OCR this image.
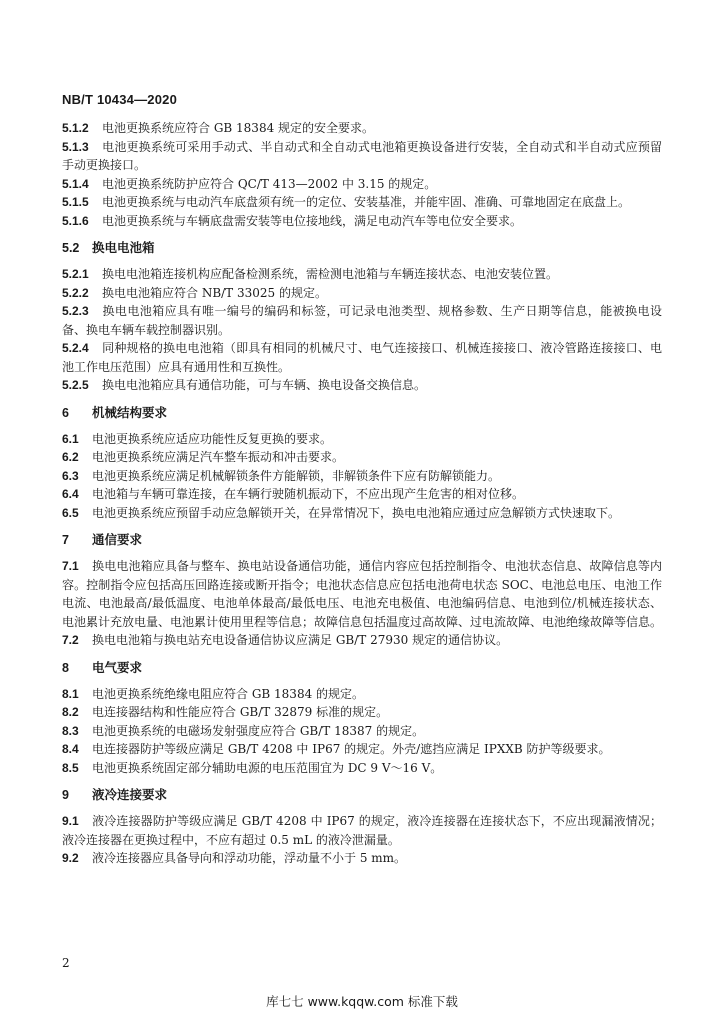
NB/T 10434—2020

5.1.2 电池更换系统应符合 GB 18384 规定的安全要求。

5.1.3 电池更换系统可采用手动式、半自动式和全自动式电池箱更换设备进行安装，全自动式和半自动式应预留手动更换接口。

5.1.4 电池更换系统防护应符合 QC/T 413—2002 中 3.15 的规定。

5.1.5 电池更换系统与电动汽车底盘须有统一的定位、安装基准，并能牢固、准确、可靠地固定在底盘上。

5.1.6 电池更换系统与车辆底盘需安装等电位接地线，满足电动汽车等电位安全要求。

5.2 换电电池箱

5.2.1 换电电池箱连接机构应配备检测系统，需检测电池箱与车辆连接状态、电池安装位置。

5.2.2 换电电池箱应符合 NB/T 33025 的规定。

5.2.3 换电电池箱应具有唯一编号的编码和标签，可记录电池类型、规格参数、生产日期等信息，能被换电设备、换电车辆车载控制器识别。

5.2.4 同种规格的换电电池箱（即具有相同的机械尺寸、电气连接接口、机械连接接口、液冷管路连接接口、电池工作电压范围）应具有通用性和互换性。

5.2.5 换电电池箱应具有通信功能，可与车辆、换电设备交换信息。

6 机械结构要求

6.1 电池更换系统应适应功能性反复更换的要求。

6.2 电池更换系统应满足汽车整车振动和冲击要求。

6.3 电池更换系统应满足机械解锁条件方能解锁，非解锁条件下应有防解锁能力。

6.4 电池箱与车辆可靠连接，在车辆行驶随机振动下，不应出现产生危害的相对位移。

6.5 电池更换系统应预留手动应急解锁开关，在异常情况下，换电电池箱应通过应急解锁方式快速取下。

7 通信要求

7.1 换电电池箱应具备与整车、换电站设备通信功能，通信内容应包括控制指令、电池状态信息、故障信息等内容。控制指令应包括高压回路连接或断开指令；电池状态信息应包括电池荷电状态 SOC、电池总电压、电池工作电流、电池最高/最低温度、电池单体最高/最低电压、电池充电极值、电池编码信息、电池到位/机械连接状态、电池累计充放电量、电池累计使用里程等信息；故障信息包括温度过高故障、过电流故障、电池绝缘故障等信息。

7.2 换电电池箱与换电站充电设备通信协议应满足 GB/T 27930 规定的通信协议。

8 电气要求

8.1 电池更换系统绝缘电阻应符合 GB 18384 的规定。

8.2 电连接器结构和性能应符合 GB/T 32879 标准的规定。

8.3 电池更换系统的电磁场发射强度应符合 GB/T 18387 的规定。

8.4 电连接器防护等级应满足 GB/T 4208 中 IP67 的规定。外壳/遮挡应满足 IPXXB 防护等级要求。

8.5 电池更换系统固定部分辅助电源的电压范围宜为 DC 9 V～16 V。

9 液冷连接要求

9.1 液冷连接器防护等级应满足 GB/T 4208 中 IP67 的规定，液冷连接器在连接状态下，不应出现漏液情况；液冷连接器在更换过程中，不应有超过 0.5 mL 的液冷泄漏量。

9.2 液冷连接器应具备导向和浮动功能，浮动量不小于 5 mm。

2
库七七 www.kqqw.com 标准下载
